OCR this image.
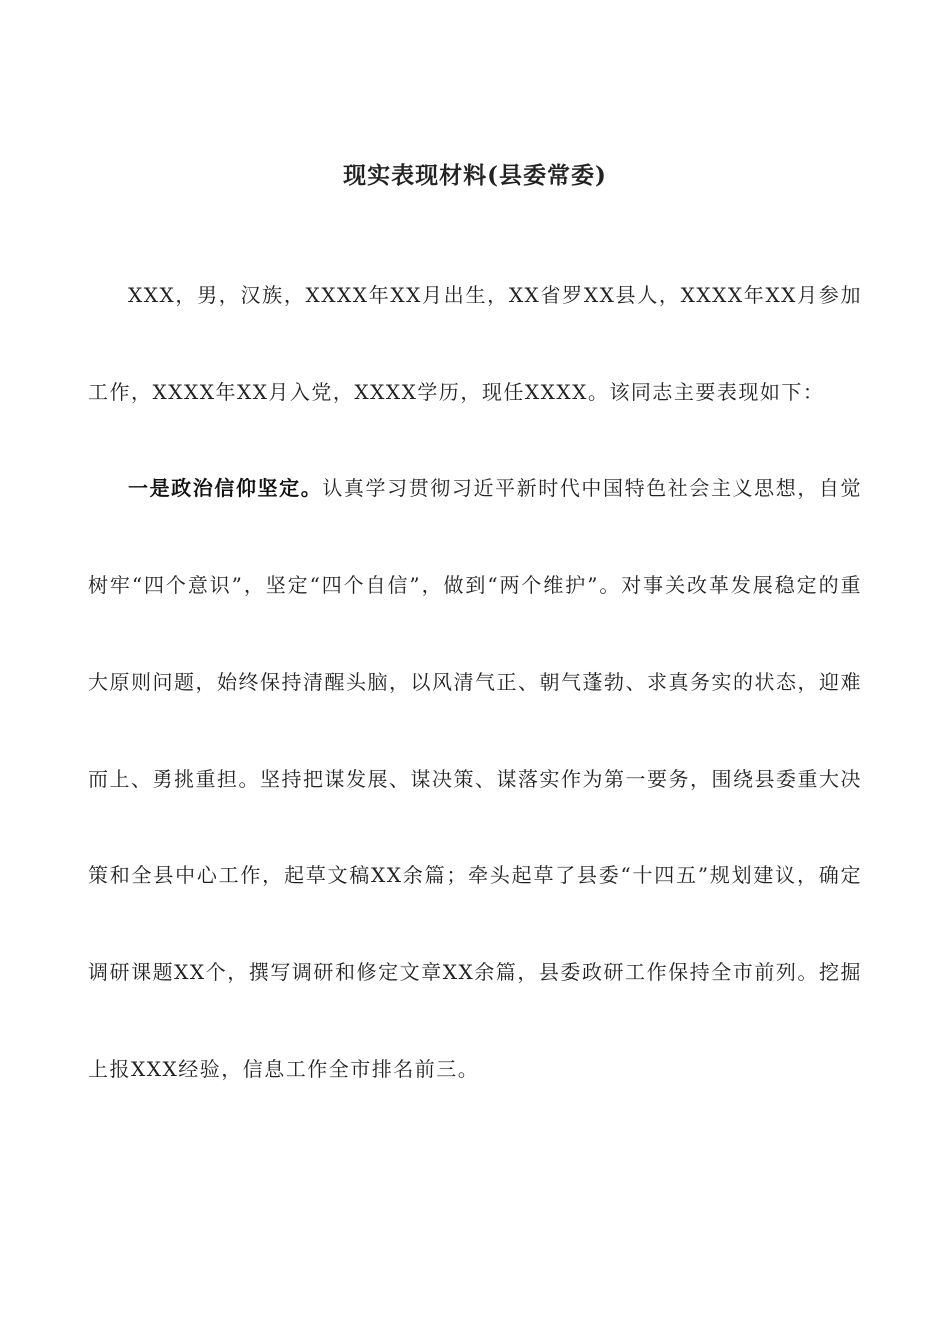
现实表现材料(县委常委)

XXX，男，汉族，XXXX年XX月出生，XX省罗XX县人，XXXX年XX月参加工作，XXXX年XX月入党，XXXX学历，现任XXXX。该同志主要表现如下：

一是政治信仰坚定。认真学习贯彻习近平新时代中国特色社会主义思想，自觉树牢“四个意识”，坚定“四个自信”，做到“两个维护”。对事关改革发展稳定的重大原则问题，始终保持清醒头脑，以风清气正、朝气蓬勃、求真务实的状态，迎难而上、勇挑重担。坚持把谋发展、谋决策、谋落实作为第一要务，围绕县委重大决策和全县中心工作，起草文稿XX余篇；牵头起草了县委“十四五”规划建议，确定调研课题XX个，撰写调研和修定文章XX余篇，县委政研工作保持全市前列。挖掘上报XXX经验，信息工作全市排名前三。
